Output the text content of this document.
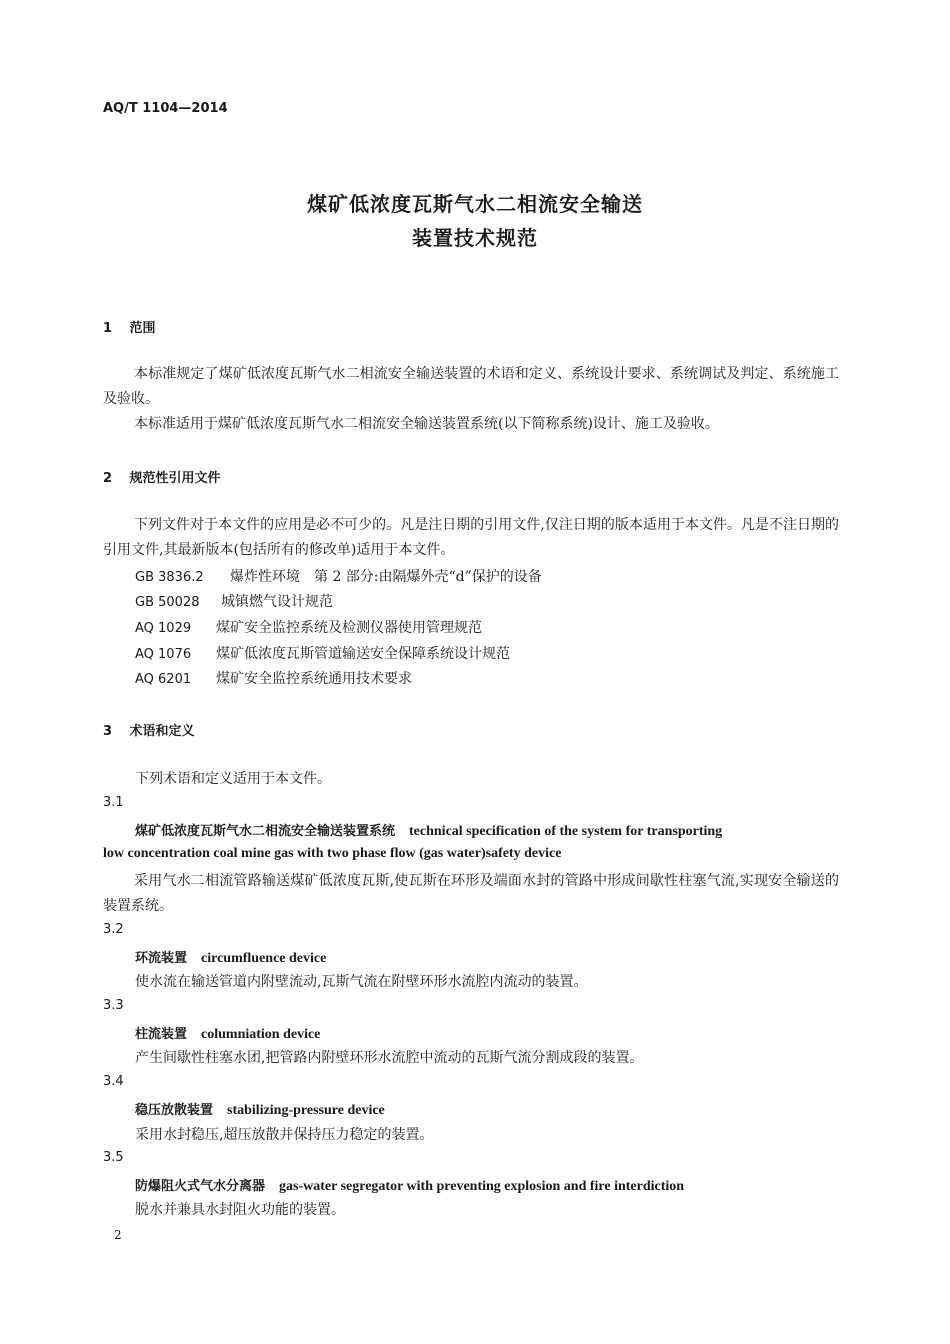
AQ/T 1104—2014
煤矿低浓度瓦斯气水二相流安全输送
装置技术规范
1 范围
本标准规定了煤矿低浓度瓦斯气水二相流安全输送装置的术语和定义、系统设计要求、系统调试及判定、系统施工及验收。
本标准适用于煤矿低浓度瓦斯气水二相流安全输送装置系统(以下简称系统)设计、施工及验收。
2 规范性引用文件
下列文件对于本文件的应用是必不可少的。凡是注日期的引用文件,仅注日期的版本适用于本文件。凡是不注日期的引用文件,其最新版本(包括所有的修改单)适用于本文件。
GB 3836.2 爆炸性环境　第 2 部分:由隔爆外壳“d”保护的设备
GB 50028 城镇燃气设计规范
AQ 1029 煤矿安全监控系统及检测仪器使用管理规范
AQ 1076 煤矿低浓度瓦斯管道输送安全保障系统设计规范
AQ 6201 煤矿安全监控系统通用技术要求
3 术语和定义
下列术语和定义适用于本文件。
3.1
煤矿低浓度瓦斯气水二相流安全输送装置系统 technical specification of the system for transporting
low concentration coal mine gas with two phase flow (gas water)safety device
采用气水二相流管路输送煤矿低浓度瓦斯,使瓦斯在环形及端面水封的管路中形成间歇性柱塞气流,实现安全输送的装置系统。
3.2
环流装置 circumfluence device
使水流在输送管道内附壁流动,瓦斯气流在附壁环形水流腔内流动的装置。
3.3
柱流装置 columniation device
产生间歇性柱塞水团,把管路内附壁环形水流腔中流动的瓦斯气流分割成段的装置。
3.4
稳压放散装置 stabilizing-pressure device
采用水封稳压,超压放散并保持压力稳定的装置。
3.5
防爆阻火式气水分离器 gas-water segregator with preventing explosion and fire interdiction
脱水并兼具水封阻火功能的装置。
2
